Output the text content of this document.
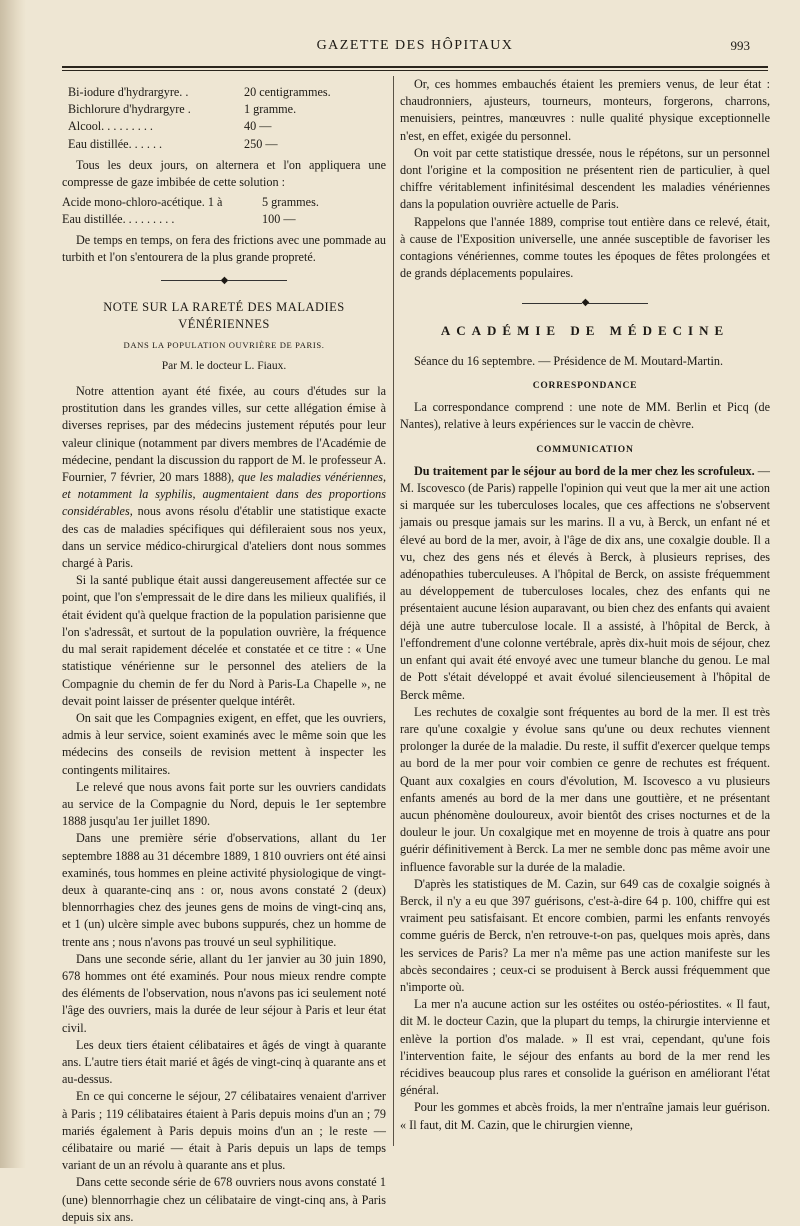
GAZETTE DES HÔPITAUX	993
Bi-iodure d'hydrargyre. .	20 centigrammes.
Bichlorure d'hydrargyre .	1 gramme.
Alcool. . . . . . . . .	40 —
Eau distillée. . . . . .	250 —

Tous les deux jours, on alternera et l'on appliquera une compresse de gaze imbibée de cette solution :

Acide mono-chloro-acétique. 1 à	5 grammes.
Eau distillée. . . . . . . . .	100 —

De temps en temps, on fera des frictions avec une pommade au turbith et l'on s'entourera de la plus grande propreté.

◆
NOTE SUR LA RARETÉ DES MALADIES VÉNÉRIENNES
DANS LA POPULATION OUVRIÈRE DE PARIS.
Par M. le docteur L. Fiaux.

Notre attention ayant été fixée, au cours d'études sur la prostitution dans les grandes villes, sur cette allégation émise à diverses reprises, par des médecins justement réputés pour leur valeur clinique (notamment par divers membres de l'Académie de médecine, pendant la discussion du rapport de M. le professeur A. Fournier, 7 février, 20 mars 1888), que les maladies vénériennes, et notamment la syphilis, augmentaient dans des proportions considérables, nous avons résolu d'établir une statistique exacte des cas de maladies spécifiques qui défileraient sous nos yeux, dans un service médico-chirurgical d'ateliers dont nous sommes chargé à Paris.

Si la santé publique était aussi dangereusement affectée sur ce point, que l'on s'empressait de le dire dans les milieux qualifiés, il était évident qu'à quelque fraction de la population parisienne que l'on s'adressât, et surtout de la population ouvrière, la fréquence du mal serait rapidement décelée et constatée et ce titre : « Une statistique vénérienne sur le personnel des ateliers de la Compagnie du chemin de fer du Nord à Paris-La Chapelle », ne devait point laisser de présenter quelque intérêt.

On sait que les Compagnies exigent, en effet, que les ouvriers, admis à leur service, soient examinés avec le même soin que les médecins des conseils de revision mettent à inspecter les contingents militaires.

Le relevé que nous avons fait porte sur les ouvriers candidats au service de la Compagnie du Nord, depuis le 1er septembre 1888 jusqu'au 1er juillet 1890.

Dans une première série d'observations, allant du 1er septembre 1888 au 31 décembre 1889, 1 810 ouvriers ont été ainsi examinés, tous hommes en pleine activité physiologique de vingt-deux à quarante-cinq ans : or, nous avons constaté 2 (deux) blennorrhagies chez des jeunes gens de moins de vingt-cinq ans, et 1 (un) ulcère simple avec bubons suppurés, chez un homme de trente ans ; nous n'avons pas trouvé un seul syphilitique.

Dans une seconde série, allant du 1er janvier au 30 juin 1890, 678 hommes ont été examinés. Pour nous mieux rendre compte des éléments de l'observation, nous n'avons pas ici seulement noté l'âge des ouvriers, mais la durée de leur séjour à Paris et leur état civil.

Les deux tiers étaient célibataires et âgés de vingt à quarante ans. L'autre tiers était marié et âgés de vingt-cinq à quarante ans et au-dessus.

En ce qui concerne le séjour, 27 célibataires venaient d'arriver à Paris ; 119 célibataires étaient à Paris depuis moins d'un an ; 79 mariés également à Paris depuis moins d'un an ; le reste — célibataire ou marié — était à Paris depuis un laps de temps variant de un an révolu à quarante ans et plus.

Dans cette seconde série de 678 ouvriers nous avons constaté 1 (une) blennorrhagie chez un célibataire de vingt-cinq ans, à Paris depuis six ans.

Or, ces hommes embauchés étaient les premiers venus, de leur état : chaudronniers, ajusteurs, tourneurs, monteurs, forgerons, charrons, menuisiers, peintres, manœuvres : nulle qualité physique exceptionnelle n'est, en effet, exigée du personnel.

On voit par cette statistique dressée, nous le répétons, sur un personnel dont l'origine et la composition ne présentent rien de particulier, à quel chiffre véritablement infinitésimal descendent les maladies vénériennes dans la population ouvrière actuelle de Paris.

Rappelons que l'année 1889, comprise tout entière dans ce relevé, était, à cause de l'Exposition universelle, une année susceptible de favoriser les contagions vénériennes, comme toutes les époques de fêtes prolongées et de grands déplacements populaires.

◆
ACADÉMIE DE MÉDECINE

Séance du 16 septembre. — Présidence de M. Moutard-Martin.

CORRESPONDANCE

La correspondance comprend : une note de MM. Berlin et Picq (de Nantes), relative à leurs expériences sur le vaccin de chèvre.

COMMUNICATION

Du traitement par le séjour au bord de la mer chez les scrofuleux. — M. Iscovesco (de Paris) rappelle l'opinion qui veut que la mer ait une action si marquée sur les tuberculoses locales, que ces affections ne s'observent jamais ou presque jamais sur les marins. Il a vu, à Berck, un enfant né et élevé au bord de la mer, avoir, à l'âge de dix ans, une coxalgie double. Il a vu, chez des gens nés et élevés à Berck, à plusieurs reprises, des adénopathies tuberculeuses. A l'hôpital de Berck, on assiste fréquemment au développement de tuberculoses locales, chez des enfants qui ne présentaient aucune lésion auparavant, ou bien chez des enfants qui avaient déjà une autre tuberculose locale. Il a assisté, à l'hôpital de Berck, à l'effondrement d'une colonne vertébrale, après dix-huit mois de séjour, chez un enfant qui avait été envoyé avec une tumeur blanche du genou. Le mal de Pott s'était développé et avait évolué silencieusement à l'hôpital de Berck même.

Les rechutes de coxalgie sont fréquentes au bord de la mer. Il est très rare qu'une coxalgie y évolue sans qu'une ou deux rechutes viennent prolonger la durée de la maladie. Du reste, il suffit d'exercer quelque temps au bord de la mer pour voir combien ce genre de rechutes est fréquent. Quant aux coxalgies en cours d'évolution, M. Iscovesco a vu plusieurs enfants amenés au bord de la mer dans une gouttière, et ne présentant aucun phénomène douloureux, avoir bientôt des crises nocturnes et de la douleur le jour. Un coxalgique met en moyenne de trois à quatre ans pour guérir définitivement à Berck. La mer ne semble donc pas même avoir une influence favorable sur la durée de la maladie.

D'après les statistiques de M. Cazin, sur 649 cas de coxalgie soignés à Berck, il n'y a eu que 397 guérisons, c'est-à-dire 64 p. 100, chiffre qui est vraiment peu satisfaisant. Et encore combien, parmi les enfants renvoyés comme guéris de Berck, n'en retrouve-t-on pas, quelques mois après, dans les services de Paris? La mer n'a même pas une action manifeste sur les abcès secondaires ; ceux-ci se produisent à Berck aussi fréquemment que n'importe où.

La mer n'a aucune action sur les ostéites ou ostéo-périostites. « Il faut, dit M. le docteur Cazin, que la plupart du temps, la chirurgie intervienne et enlève la portion d'os malade. » Il est vrai, cependant, qu'une fois l'intervention faite, le séjour des enfants au bord de la mer rend les récidives beaucoup plus rares et consolide la guérison en améliorant l'état général.

Pour les gommes et abcès froids, la mer n'entraîne jamais leur guérison. « Il faut, dit M. Cazin, que le chirurgien vienne,
